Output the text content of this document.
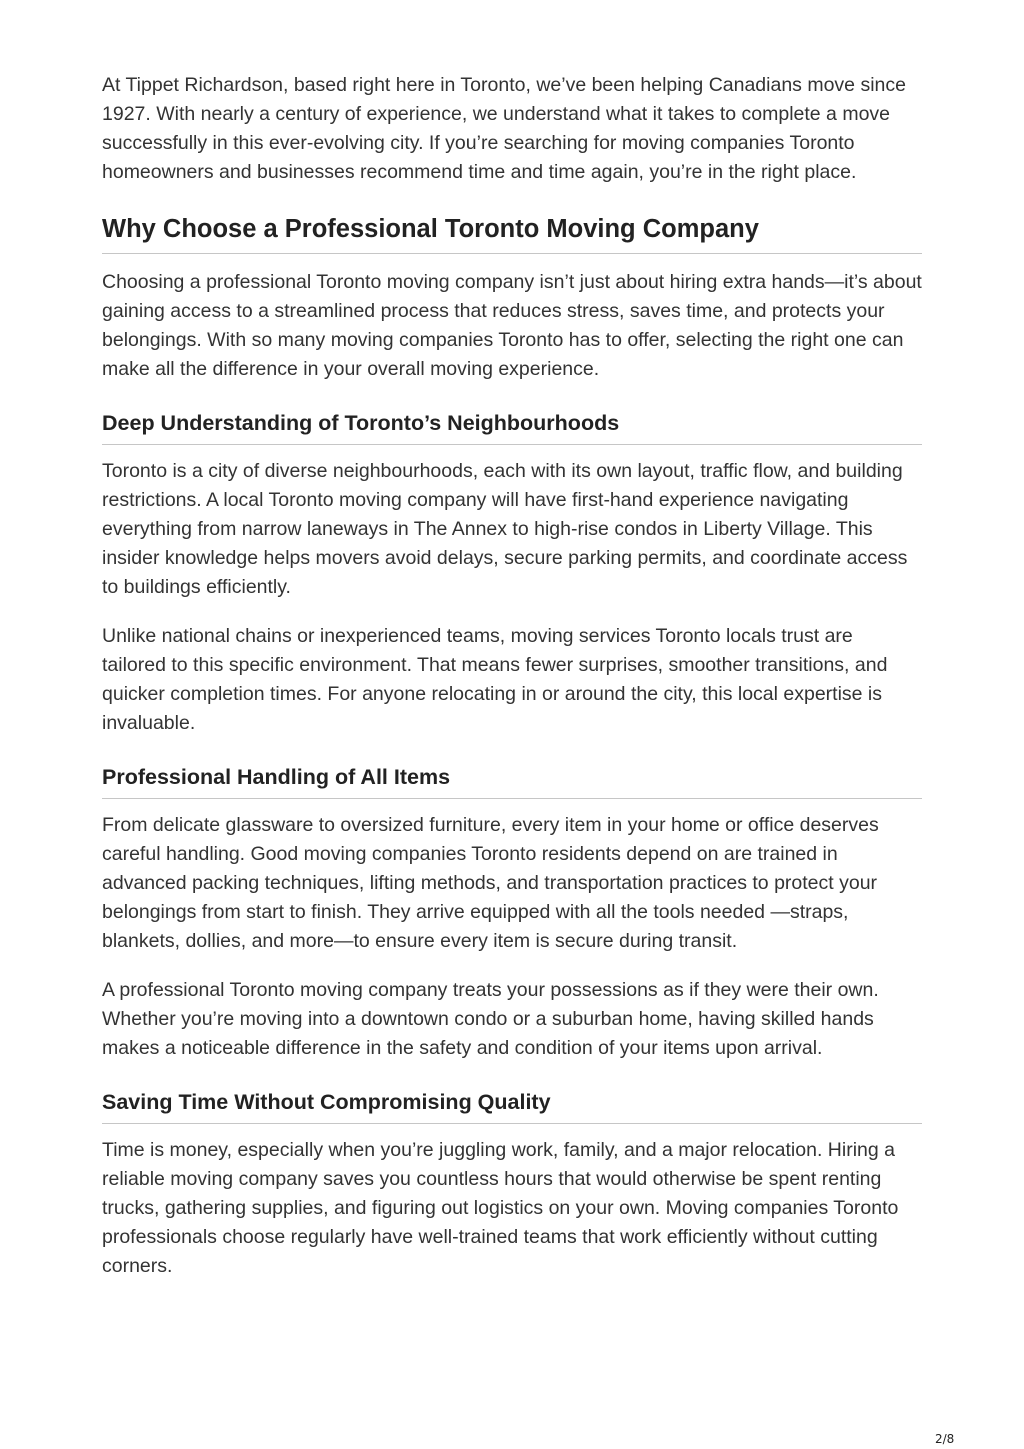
At Tippet Richardson, based right here in Toronto, we’ve been helping Canadians move since 1927. With nearly a century of experience, we understand what it takes to complete a move successfully in this ever-evolving city. If you’re searching for moving companies Toronto homeowners and businesses recommend time and time again, you’re in the right place.

Why Choose a Professional Toronto Moving Company

Choosing a professional Toronto moving company isn’t just about hiring extra hands—it’s about gaining access to a streamlined process that reduces stress, saves time, and protects your belongings. With so many moving companies Toronto has to offer, selecting the right one can make all the difference in your overall moving experience.

Deep Understanding of Toronto’s Neighbourhoods

Toronto is a city of diverse neighbourhoods, each with its own layout, traffic flow, and building restrictions. A local Toronto moving company will have first-hand experience navigating everything from narrow laneways in The Annex to high-rise condos in Liberty Village. This insider knowledge helps movers avoid delays, secure parking permits, and coordinate access to buildings efficiently.

Unlike national chains or inexperienced teams, moving services Toronto locals trust are tailored to this specific environment. That means fewer surprises, smoother transitions, and quicker completion times. For anyone relocating in or around the city, this local expertise is invaluable.

Professional Handling of All Items

From delicate glassware to oversized furniture, every item in your home or office deserves careful handling. Good moving companies Toronto residents depend on are trained in advanced packing techniques, lifting methods, and transportation practices to protect your belongings from start to finish. They arrive equipped with all the tools needed —straps, blankets, dollies, and more—to ensure every item is secure during transit.

A professional Toronto moving company treats your possessions as if they were their own. Whether you’re moving into a downtown condo or a suburban home, having skilled hands makes a noticeable difference in the safety and condition of your items upon arrival.

Saving Time Without Compromising Quality

Time is money, especially when you’re juggling work, family, and a major relocation. Hiring a reliable moving company saves you countless hours that would otherwise be spent renting trucks, gathering supplies, and figuring out logistics on your own. Moving companies Toronto professionals choose regularly have well-trained teams that work efficiently without cutting corners.

2/8
